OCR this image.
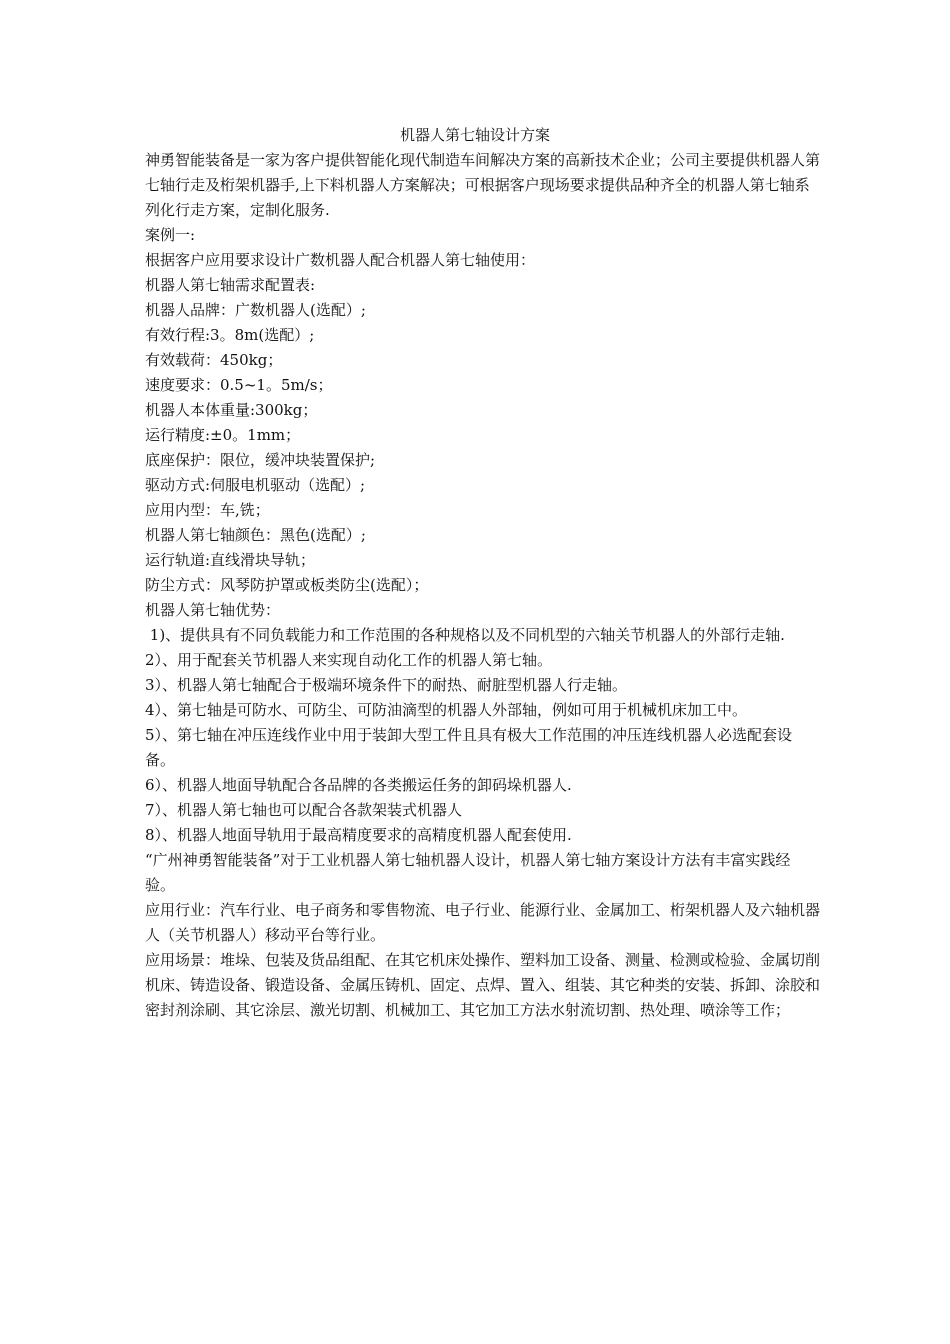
机器人第七轴设计方案

神勇智能装备是一家为客户提供智能化现代制造车间解决方案的高新技术企业；公司主要提供机器人第七轴行走及桁架机器手,上下料机器人方案解决；可根据客户现场要求提供品种齐全的机器人第七轴系列化行走方案，定制化服务.

案例一:

根据客户应用要求设计广数机器人配合机器人第七轴使用：

机器人第七轴需求配置表:

机器人品牌：广数机器人(选配）;

有效行程:3。8m(选配）;

有效载荷：450kg；

速度要求：0.5~1。5m/s；

机器人本体重量:300kg；

运行精度:±0。1mm；

底座保护：限位，缓冲块装置保护;

驱动方式:伺服电机驱动（选配）;

应用内型：车,铣；

机器人第七轴颜色：黑色(选配）;

运行轨道:直线滑块导轨；

防尘方式：风琴防护罩或板类防尘(选配）；

机器人第七轴优势：

1)、提供具有不同负载能力和工作范围的各种规格以及不同机型的六轴关节机器人的外部行走轴.

2）、用于配套关节机器人来实现自动化工作的机器人第七轴。

3）、机器人第七轴配合于极端环境条件下的耐热、耐脏型机器人行走轴。

4）、第七轴是可防水、可防尘、可防油滴型的机器人外部轴，例如可用于机械机床加工中。

5）、第七轴在冲压连线作业中用于装卸大型工件且具有极大工作范围的冲压连线机器人必选配套设备。

6）、机器人地面导轨配合各品牌的各类搬运任务的卸码垛机器人.

7）、机器人第七轴也可以配合各款架装式机器人

8）、机器人地面导轨用于最高精度要求的高精度机器人配套使用.

“广州神勇智能装备”对于工业机器人第七轴机器人设计，机器人第七轴方案设计方法有丰富实践经验。

应用行业：汽车行业、电子商务和零售物流、电子行业、能源行业、金属加工、桁架机器人及六轴机器人（关节机器人）移动平台等行业。

应用场景：堆垛、包装及货品组配、在其它机床处操作、塑料加工设备、测量、检测或检验、金属切削机床、铸造设备、锻造设备、金属压铸机、固定、点焊、置入、组装、其它种类的安装、拆卸、涂胶和密封剂涂刷、其它涂层、激光切割、机械加工、其它加工方法水射流切割、热处理、喷涂等工作；
